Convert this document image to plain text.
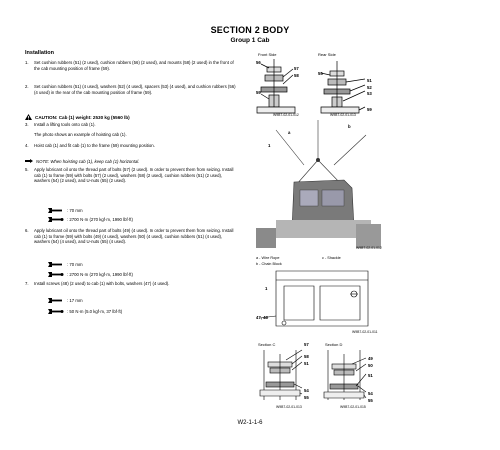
SECTION 2 BODY
Group 1 Cab
Installation
1.	Set cushion rubbers (51) (2 used), cushion rubbers (56) (2 used), and mounts (58) (2 used) in the front of the cab mounting position of frame (59).
2.	Set cushion rubbers (51) (4 used), washers (52) (4 used), spacers (53) (4 used), and cushion rubbers (56) (4 used) in the rear of the cab mounting position of frame (59).
CAUTION: Cab (1) weight: 2530 kg (5560 lb)
3.	Install a lifting tools onto cab (1).
The photo shows an example of hoisting cab (1).
4.	Hoist cab (1) and fit cab (1) to the frame (59) mounting position.
NOTE: When hoisting cab (1), keep cab (1) horizontal.
5.	Apply lubricant oil onto the thread part of bolts (57) (2 used). In order to prevent them from seizing. Install cab (1) to frame (59) with bolts (57) (2 used), washers (58) (2 used), cushion rubbers (51) (2 used), washers (54) (2 used), and U-nuts (55) (2 used).
: 70 mm
: 2700 N·m (270 kgf·m, 1990 lbf·ft)
6.	Apply lubricant oil onto the thread part of bolts (49) (4 used). In order to prevent them from seizing. Install cab (1) to frame (59) with bolts (49) (4 used), washers (50) (4 used), cushion rubbers (51) (4 used), washers (54) (4 used), and U-nuts (55) (4 used).
: 70 mm
: 2700 N·m (270 kgf·m, 1990 lbf·ft)
7.	Install screws (48) (2 used) to cab (1) with bolts, washers (47) (4 used).
: 17 mm
: 50 N·m (5.0 kgf·m, 37 lbf·ft)
Front Side	Rear Side
56
57
58
59
55
51
52
53
59
W9B7-02-01-012	W9B7-02-01-013
1
a
b
W9B7-02-01-012
a - Wire Rope
b - Chain Block
c - Shackle
1
47, 48
W9B7-02-01-011
Section C	Section D
57
58
51
54
55
49
50
51
54
55
W9B7-02-01-013	W9B7-02-01-015
W2-1-1-6
